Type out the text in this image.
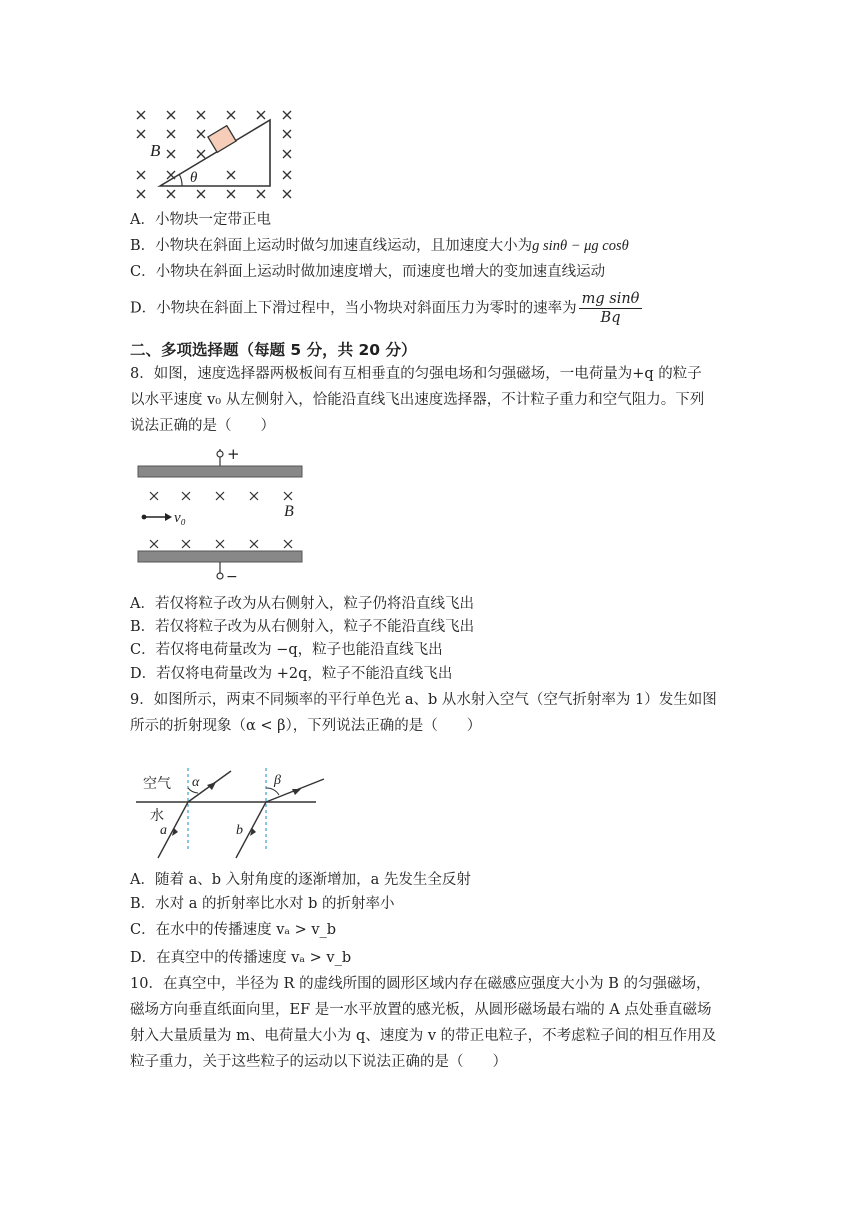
B
θ
A．小物块一定带正电
B．小物块在斜面上运动时做匀加速直线运动，且加速度大小为g sinθ − μg cosθ
C．小物块在斜面上运动时做加速度增大，而速度也增大的变加速直线运动
D．小物块在斜面上下滑过程中，当小物块对斜面压力为零时的速率为 $\frac{\text{mg sinθ}}{Bq}$
二、多项选择题（每题 5 分，共 20 分）
8．如图，速度选择器两极板间有互相垂直的匀强电场和匀强磁场，一电荷量为+q 的粒子
以水平速度 v₀ 从左侧射入，恰能沿直线飞出速度选择器，不计粒子重力和空气阻力。下列
说法正确的是（　　）
+
v₀	B
−
A．若仅将粒子改为从右侧射入，粒子仍将沿直线飞出
B．若仅将粒子改为从右侧射入，粒子不能沿直线飞出
C．若仅将电荷量改为 −q，粒子也能沿直线飞出
D．若仅将电荷量改为 +2q，粒子不能沿直线飞出
9．如图所示，两束不同频率的平行单色光 a、b 从水射入空气（空气折射率为 1）发生如图
所示的折射现象（α < β），下列说法正确的是（　　）
空气
水
α
a
β
b
A．随着 a、b 入射角度的逐渐增加，a 先发生全反射
B．水对 a 的折射率比水对 b 的折射率小
C．在水中的传播速度 vₐ > v_b
D．在真空中的传播速度 vₐ > v_b
10．在真空中，半径为 R 的虚线所围的圆形区域内存在磁感应强度大小为 B 的匀强磁场，
磁场方向垂直纸面向里，EF 是一水平放置的感光板，从圆形磁场最右端的 A 点处垂直磁场
射入大量质量为 m、电荷量大小为 q、速度为 v 的带正电粒子，不考虑粒子间的相互作用及
粒子重力，关于这些粒子的运动以下说法正确的是（　　）
